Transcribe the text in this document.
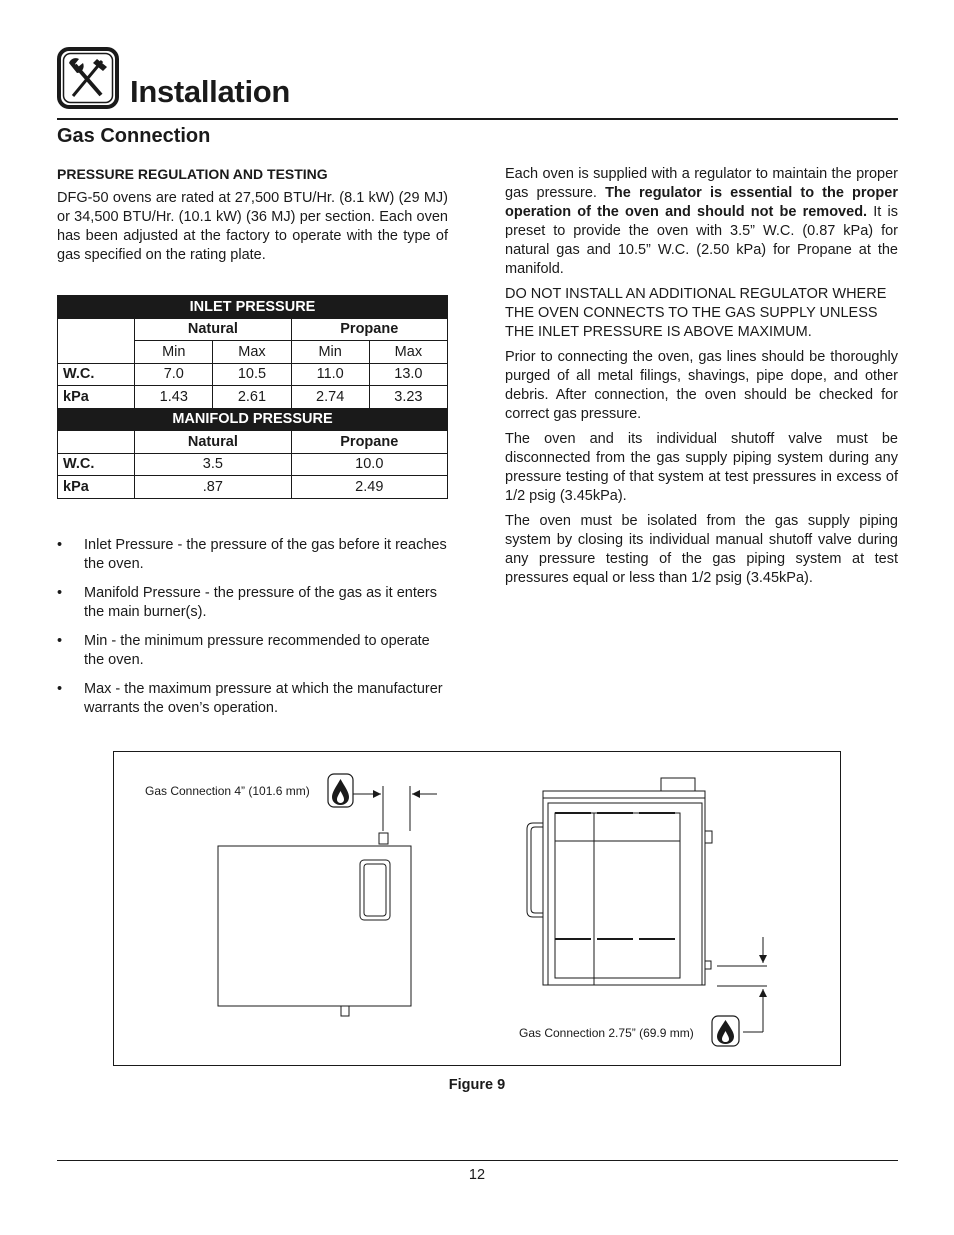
Installation
Gas Connection
PRESSURE REGULATION AND TESTING

DFG-50 ovens are rated at 27,500 BTU/Hr. (8.1 kW) (29 MJ) or 34,500 BTU/Hr. (10.1 kW) (36 MJ) per section. Each oven has been adjusted at the factory to operate with the type of gas specified on the rating plate.

INLET PRESSURE				
	Natural		Propane	
	Min	Max	Min	Max
W.C.	7.0	10.5	11.0	13.0
kPa	1.43	2.61	2.74	3.23
MANIFOLD PRESSURE				
	Natural		Propane	
W.C.	3.5		10.0	
kPa	.87		2.49	
• Inlet Pressure - the pressure of the gas before it reaches the oven.
• Manifold Pressure - the pressure of the gas as it enters the main burner(s).
• Min - the minimum pressure recommended to operate the oven.
• Max - the maximum pressure at which the manufacturer warrants the oven’s operation.

Each oven is supplied with a regulator to maintain the proper gas pressure. The regulator is essential to the proper operation of the oven and should not be removed. It is preset to provide the oven with 3.5” W.C. (0.87 kPa) for natural gas and 10.5” W.C. (2.50 kPa) for Propane at the manifold.

DO NOT INSTALL AN ADDITIONAL REGULATOR WHERE THE OVEN CONNECTS TO THE GAS SUPPLY UNLESS THE INLET PRESSURE IS ABOVE MAXIMUM.

Prior to connecting the oven, gas lines should be thoroughly purged of all metal filings, shavings, pipe dope, and other debris. After connection, the oven should be checked for correct gas pressure.

The oven and its individual shutoff valve must be disconnected from the gas supply piping system during any pressure testing of that system at test pressures in excess of 1/2 psig (3.45kPa).

The oven must be isolated from the gas supply piping system by closing its individual manual shutoff valve during any pressure testing of the gas piping system at test pressures equal or less than 1/2 psig (3.45kPa).

Gas Connection 4” (101.6 mm)
Gas Connection 2.75” (69.9 mm)
Figure 9
12
